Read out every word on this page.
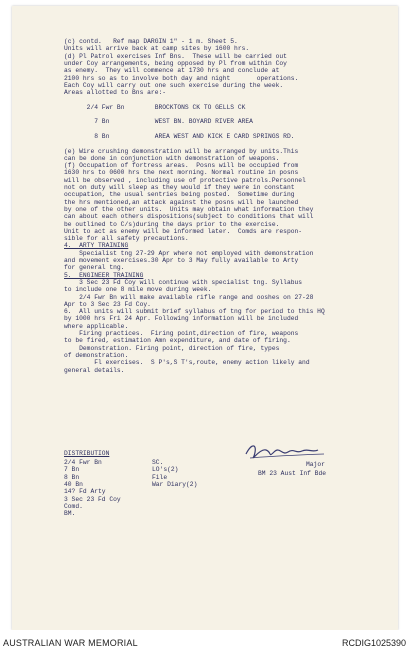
(c) contd.   Ref map DARGIN 1" - 1 m. Sheet 5.
Units will arrive back at camp sites by 1600 hrs.
(d) Pl Patrol exercises Inf Bns.  These will be carried out
under Coy arrangements, being opposed by Pl from within Coy
as enemy.  They will commence at 1730 hrs and conclude at
2100 hrs so as to involve both day and night       operations.
Each Coy will carry out one such exercise during the week.
Areas allotted to Bns are:-
2/4 Fwr Bn        BROCKTONS CK TO GELLS CK
7 Bn            WEST BN. BOYARD RIVER AREA
8 Bn            AREA WEST AND KICK E CARD SPRINGS RD.
(e) Wire crushing demonstration will be arranged by units.This
can be done in conjunction with demonstration of weapons.
(f) Occupation of fortress areas.  Posns will be occupied from
1630 hrs to 0600 hrs the next morning. Normal routine in posns
will be observed , including use of protective patrols.Personnel
not on duty will sleep as they would if they were in constant
occupation, the usual sentries being posted.  Sometime during
the hrs mentioned,an attack against the posns will be launched
by one of the other units.  Units may obtain what information they
can about each others dispositions(subject to conditions that will
be outlined to C/s)during the days prior to the exercise.
Unit to act as enemy will be informed later.  Comds are respon-
sible for all safety precautions.
4.  ARTY TRAINING
Specialist tng 27-29 Apr where not employed with demonstration
and movement exercises.30 Apr to 3 May fully available to Arty
for general tng.
5.  ENGINEER TRAINING
3 Sec 23 Fd Coy will continue with specialist tng. Syllabus
to include one 8 mile move during week.
2/4 Fwr Bn will make available rifle range and ooshes on 27-28
Apr to 3 Sec 23 Fd Coy.
6.  All units will submit brief syllabus of tng for period to this HQ
by 1000 hrs Fri 24 Apr. Following information will be included
where applicable.
Firing practices.  Firing point,direction of fire, weapons
to be fired, estimation Amn expenditure, and date of firing.
Demonstration. Firing point, direction of fire, types
of demonstration.
Fl exercises.  S P's,S T's,route, enemy action likely and
general details.
Major
BM 23 Aust Inf Bde
DISTRIBUTION
2/4 Fwr Bn
7 Bn
8 Bn
40 Bn
14? Fd Arty
3 Sec 23 Fd Coy
Comd.
BM.
SC.
LO's(2)
File
War Diary(2)
AUSTRALIAN WAR MEMORIAL	RCDIG1025390
